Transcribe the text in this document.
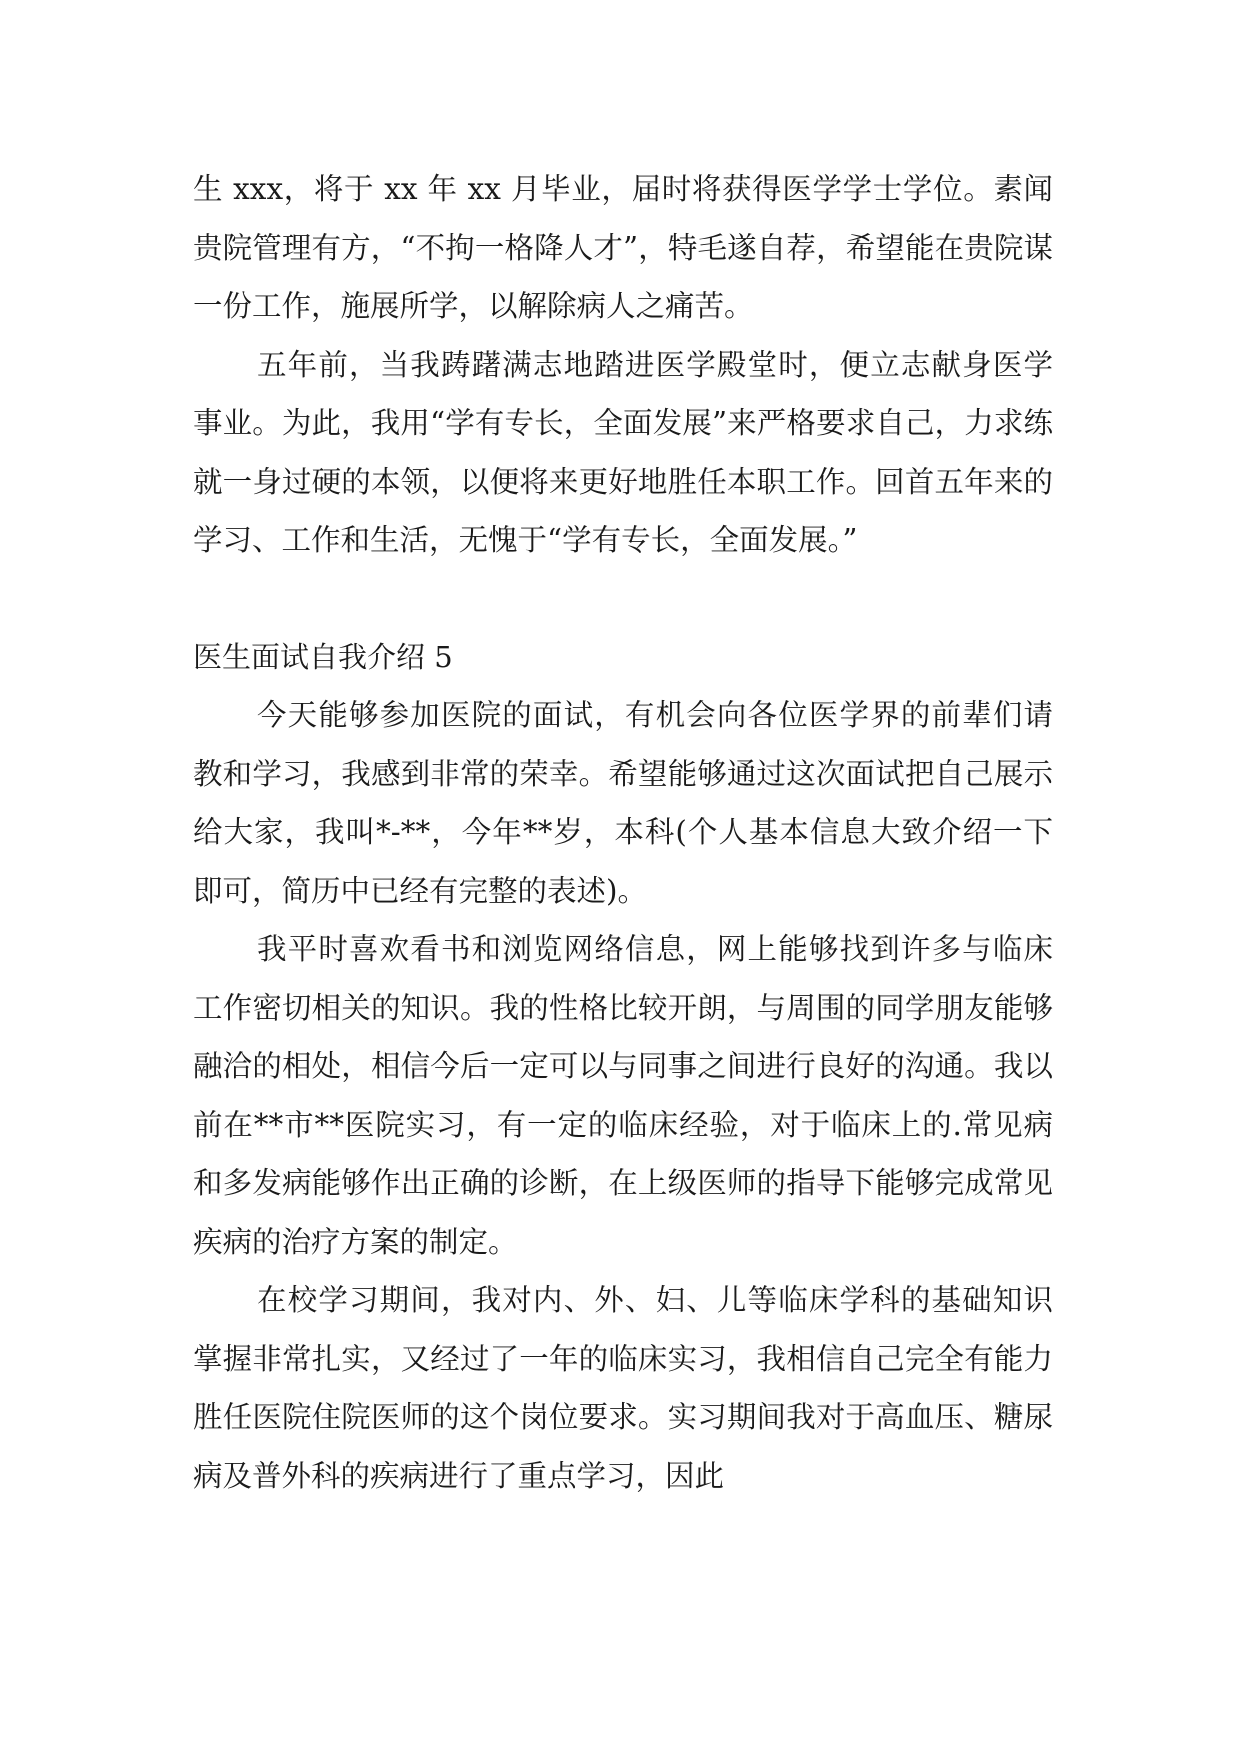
生 xxx，将于 xx 年 xx 月毕业，届时将获得医学学士学位。素闻贵院管理有方，“不拘一格降人才”，特毛遂自荐，希望能在贵院谋一份工作，施展所学，以解除病人之痛苦。

五年前，当我踌躇满志地踏进医学殿堂时，便立志献身医学事业。为此，我用“学有专长，全面发展”来严格要求自己，力求练就一身过硬的本领，以便将来更好地胜任本职工作。回首五年来的学习、工作和生活，无愧于“学有专长，全面发展。”

医生面试自我介绍 5

今天能够参加医院的面试，有机会向各位医学界的前辈们请教和学习，我感到非常的荣幸。希望能够通过这次面试把自己展示给大家，我叫*-**，今年**岁，本科(个人基本信息大致介绍一下即可，简历中已经有完整的表述)。

我平时喜欢看书和浏览网络信息，网上能够找到许多与临床工作密切相关的知识。我的性格比较开朗，与周围的同学朋友能够融洽的相处，相信今后一定可以与同事之间进行良好的沟通。我以前在**市**医院实习，有一定的临床经验，对于临床上的.常见病和多发病能够作出正确的诊断，在上级医师的指导下能够完成常见疾病的治疗方案的制定。

在校学习期间，我对内、外、妇、儿等临床学科的基础知识掌握非常扎实，又经过了一年的临床实习，我相信自己完全有能力胜任医院住院医师的这个岗位要求。实习期间我对于高血压、糖尿病及普外科的疾病进行了重点学习，因此
